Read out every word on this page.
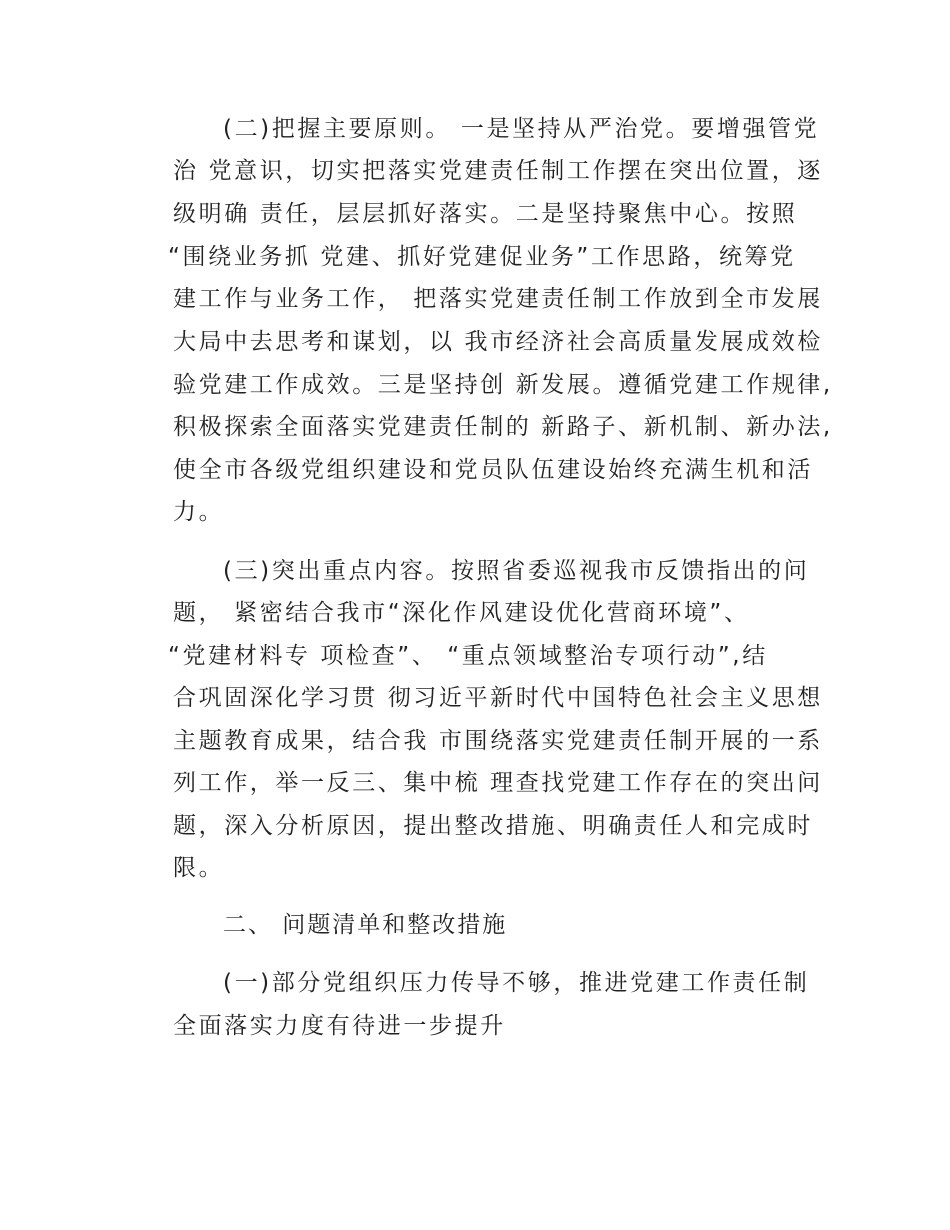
(二)把握主要原则。 一是坚持从严治党。要增强管党
治 党意识，切实把落实党建责任制工作摆在突出位置，逐
级明确 责任，层层抓好落实。二是坚持聚焦中心。按照
“围绕业务抓 党建、抓好党建促业务”工作思路，统筹党
建工作与业务工作， 把落实党建责任制工作放到全市发展
大局中去思考和谋划，以 我市经济社会高质量发展成效检
验党建工作成效。三是坚持创 新发展。遵循党建工作规律,
积极探索全面落实党建责任制的 新路子、新机制、新办法,
使全市各级党组织建设和党员队伍建设始终充满生机和活
力。
(三)突出重点内容。按照省委巡视我市反馈指出的问
题， 紧密结合我市“深化作风建设优化营商环境”、
“党建材料专 项检查”、 “重点领域整治专项行动”,结
合巩固深化学习贯 彻习近平新时代中国特色社会主义思想
主题教育成果，结合我 市围绕落实党建责任制开展的一系
列工作，举一反三、集中梳 理查找党建工作存在的突出问
题，深入分析原因，提出整改措施、明确责任人和完成时
限。
二、 问题清单和整改措施
(一)部分党组织压力传导不够，推进党建工作责任制
全面落实力度有待进一步提升
